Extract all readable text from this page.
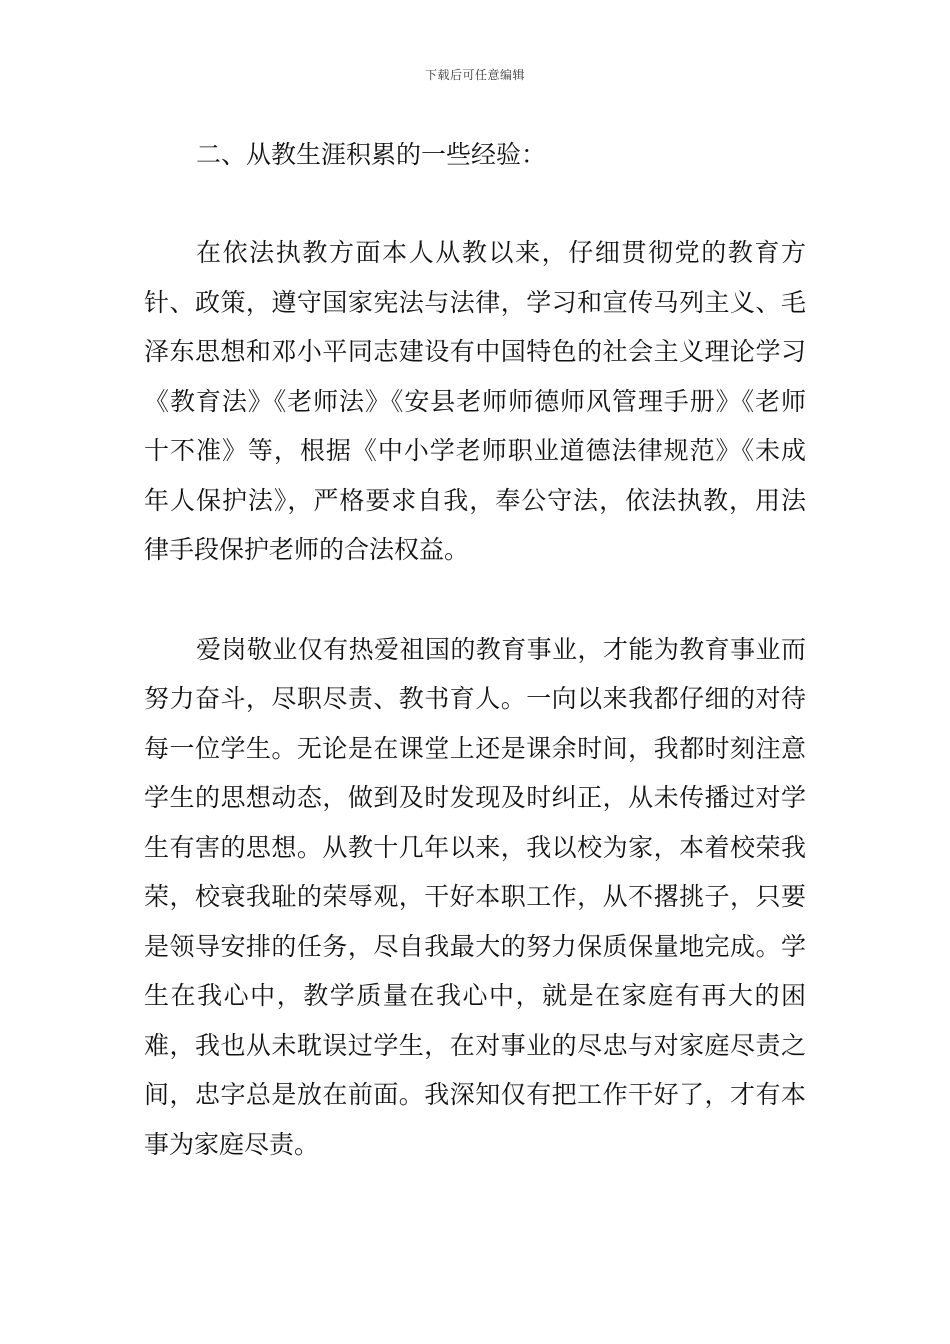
下载后可任意编辑

二、从教生涯积累的一些经验：

在依法执教方面本人从教以来，仔细贯彻党的教育方针、政策，遵守国家宪法与法律，学习和宣传马列主义、毛泽东思想和邓小平同志建设有中国特色的社会主义理论学习《教育法》《老师法》《安县老师师德师风管理手册》《老师十不准》等，根据《中小学老师职业道德法律规范》《未成年人保护法》，严格要求自我，奉公守法，依法执教，用法律手段保护老师的合法权益。

爱岗敬业仅有热爱祖国的教育事业，才能为教育事业而努力奋斗，尽职尽责、教书育人。一向以来我都仔细的对待每一位学生。无论是在课堂上还是课余时间，我都时刻注意学生的思想动态，做到及时发现及时纠正，从未传播过对学生有害的思想。从教十几年以来，我以校为家，本着校荣我荣，校衰我耻的荣辱观，干好本职工作，从不撂挑子，只要是领导安排的任务，尽自我最大的努力保质保量地完成。学生在我心中，教学质量在我心中，就是在家庭有再大的困难，我也从未耽误过学生，在对事业的尽忠与对家庭尽责之间，忠字总是放在前面。我深知仅有把工作干好了，才有本事为家庭尽责。
